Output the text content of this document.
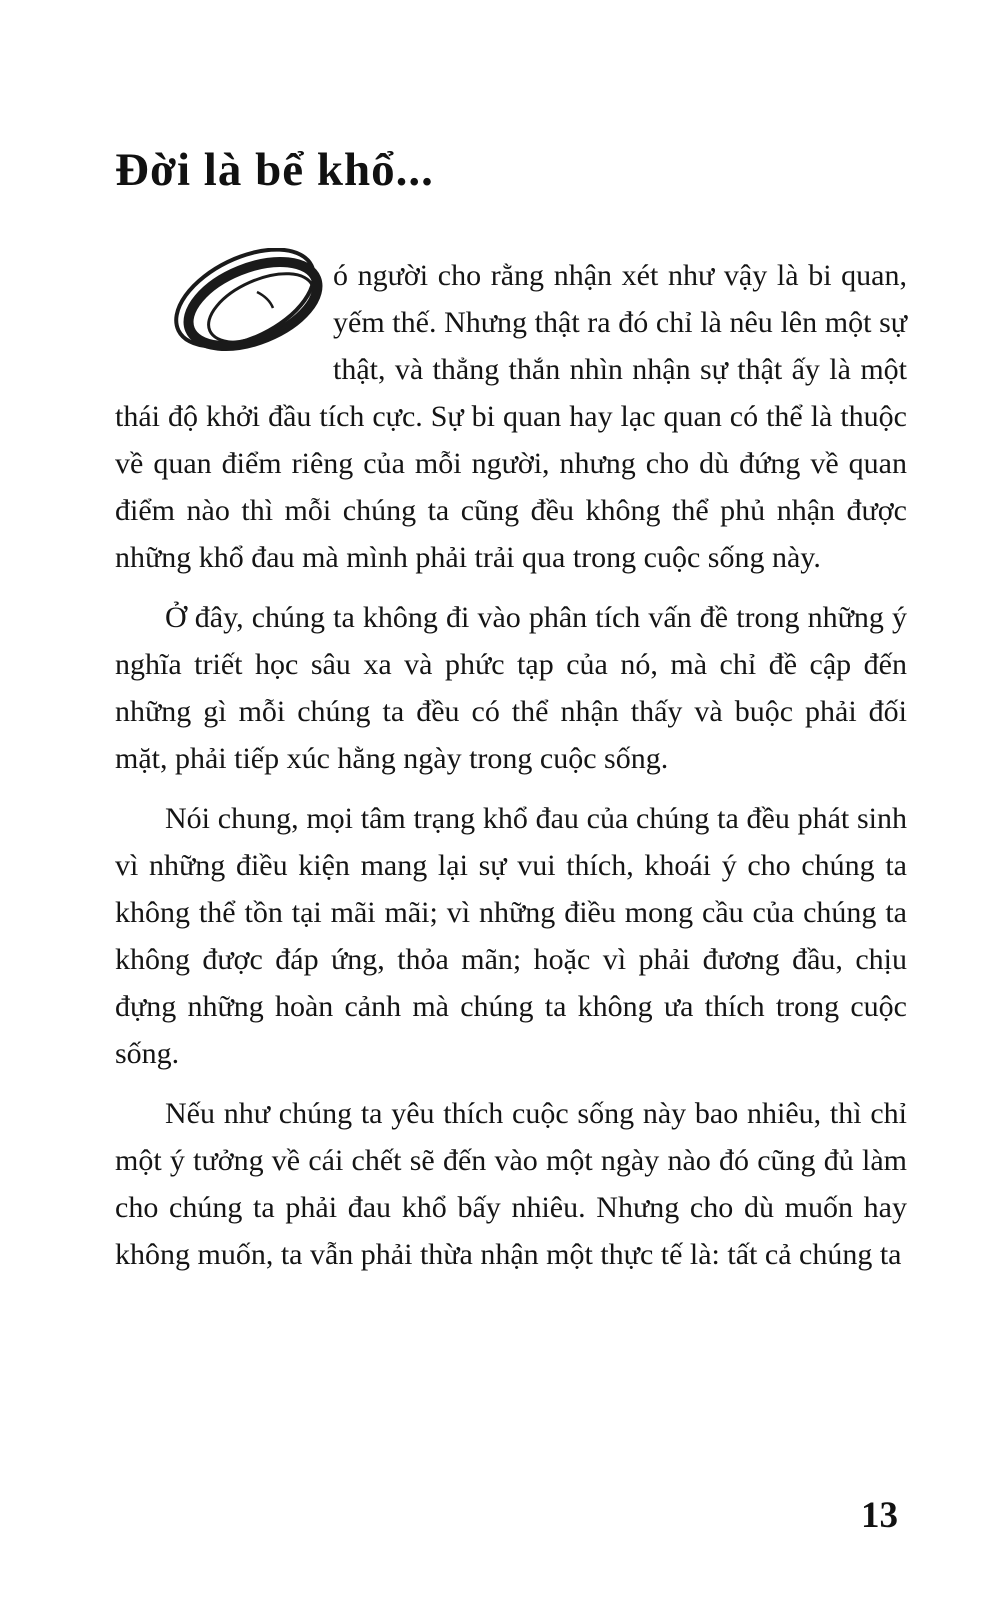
Đời là bể khổ...

ó người cho rằng nhận xét như vậy là bi quan, yếm thế. Nhưng thật ra đó chỉ là nêu lên một sự thật, và thẳng thắn nhìn nhận sự thật ấy là một thái độ khởi đầu tích cực. Sự bi quan hay lạc quan có thể là thuộc về quan điểm riêng của mỗi người, nhưng cho dù đứng về quan điểm nào thì mỗi chúng ta cũng đều không thể phủ nhận được những khổ đau mà mình phải trải qua trong cuộc sống này.

Ở đây, chúng ta không đi vào phân tích vấn đề trong những ý nghĩa triết học sâu xa và phức tạp của nó, mà chỉ đề cập đến những gì mỗi chúng ta đều có thể nhận thấy và buộc phải đối mặt, phải tiếp xúc hằng ngày trong cuộc sống.

Nói chung, mọi tâm trạng khổ đau của chúng ta đều phát sinh vì những điều kiện mang lại sự vui thích, khoái ý cho chúng ta không thể tồn tại mãi mãi; vì những điều mong cầu của chúng ta không được đáp ứng, thỏa mãn; hoặc vì phải đương đầu, chịu đựng những hoàn cảnh mà chúng ta không ưa thích trong cuộc sống.

Nếu như chúng ta yêu thích cuộc sống này bao nhiêu, thì chỉ một ý tưởng về cái chết sẽ đến vào một ngày nào đó cũng đủ làm cho chúng ta phải đau khổ bấy nhiêu. Nhưng cho dù muốn hay không muốn, ta vẫn phải thừa nhận một thực tế là: tất cả chúng ta

13
